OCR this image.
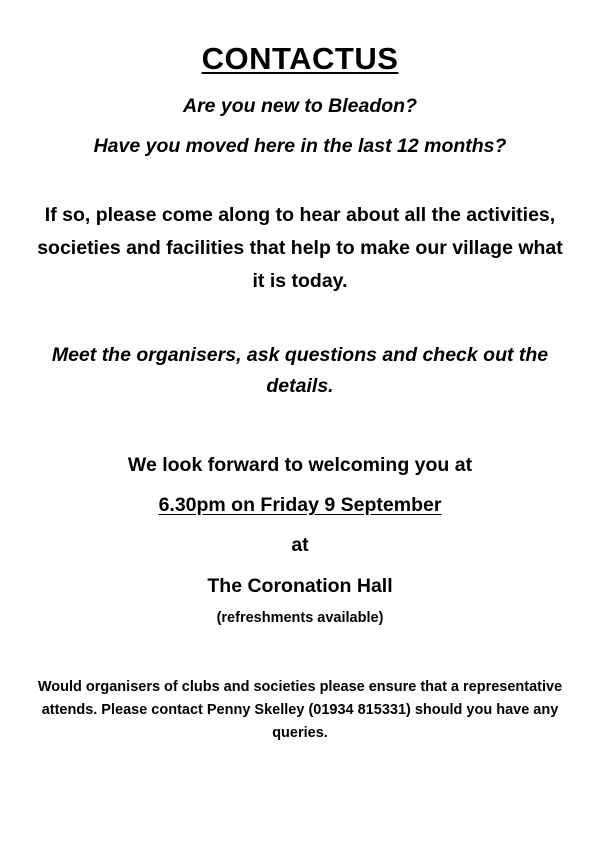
CONTACTUS
Are you new to Bleadon?
Have you moved here in the last 12 months?
If so, please come along to hear about all the activities, societies and facilities that help to make our village what it is today.
Meet the organisers, ask questions and check out the details.
We look forward to welcoming you at
6.30pm on Friday 9 September
at
The Coronation Hall
(refreshments available)
Would organisers of clubs and societies please ensure that a representative attends. Please contact Penny Skelley (01934 815331) should you have any queries.
